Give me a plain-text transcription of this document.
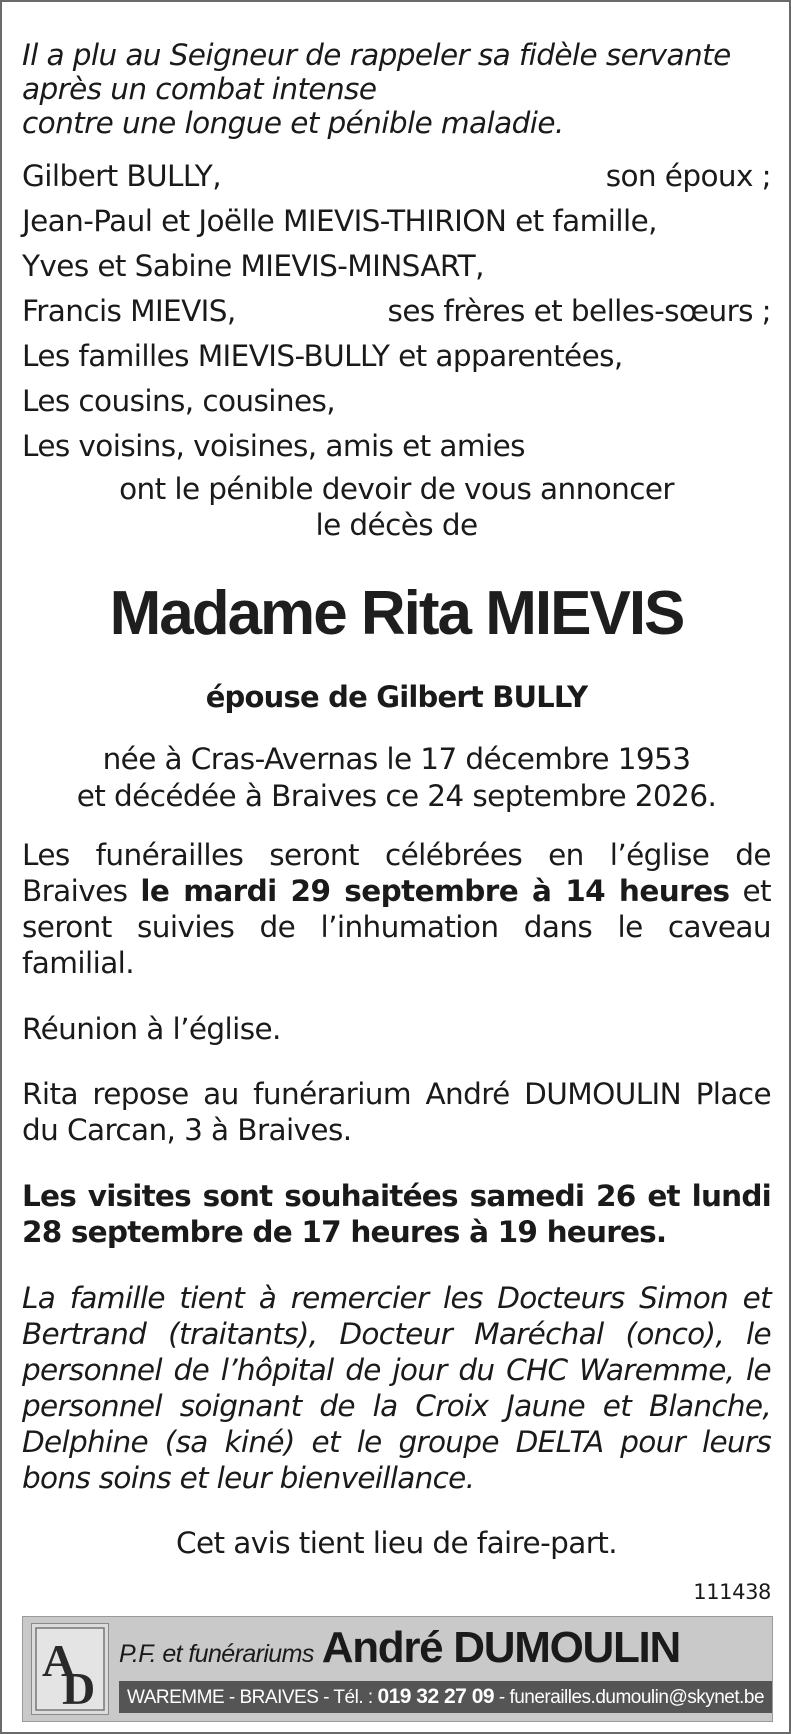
Il a plu au Seigneur de rappeler sa fidèle servante
après un combat intense
contre une longue et pénible maladie.

Gilbert BULLY,	son époux ;
Jean-Paul et Joëlle MIEVIS-THIRION et famille,
Yves et Sabine MIEVIS-MINSART,
Francis MIEVIS,	ses frères et belles-sœurs ;
Les familles MIEVIS-BULLY et apparentées,
Les cousins, cousines,
Les voisins, voisines, amis et amies
ont le pénible devoir de vous annoncer
le décès de
Madame Rita MIEVIS
épouse de Gilbert BULLY
née à Cras-Avernas le 17 décembre 1953
et décédée à Braives ce 24 septembre 2026.

Les funérailles seront célébrées en l’église de Braives le mardi 29 septembre à 14 heures et seront suivies de l’inhumation dans le caveau familial.

Réunion à l’église.

Rita repose au funérarium André DUMOULIN Place du Carcan, 3 à Braives.

Les visites sont souhaitées samedi 26 et lundi 28 septembre de 17 heures à 19 heures.

La famille tient à remercier les Docteurs Simon et Bertrand (traitants), Docteur Maréchal (onco), le personnel de l’hôpital de jour du CHC Waremme, le personnel soignant de la Croix Jaune et Blanche, Delphine (sa kiné) et le groupe DELTA pour leurs bons soins et leur bienveillance.

Cet avis tient lieu de faire-part.
111438
A
D
P.F. et funérariums André DUMOULIN
WAREMME - BRAIVES - Tél. : 019 32 27 09 - funerailles.dumoulin@skynet.be
